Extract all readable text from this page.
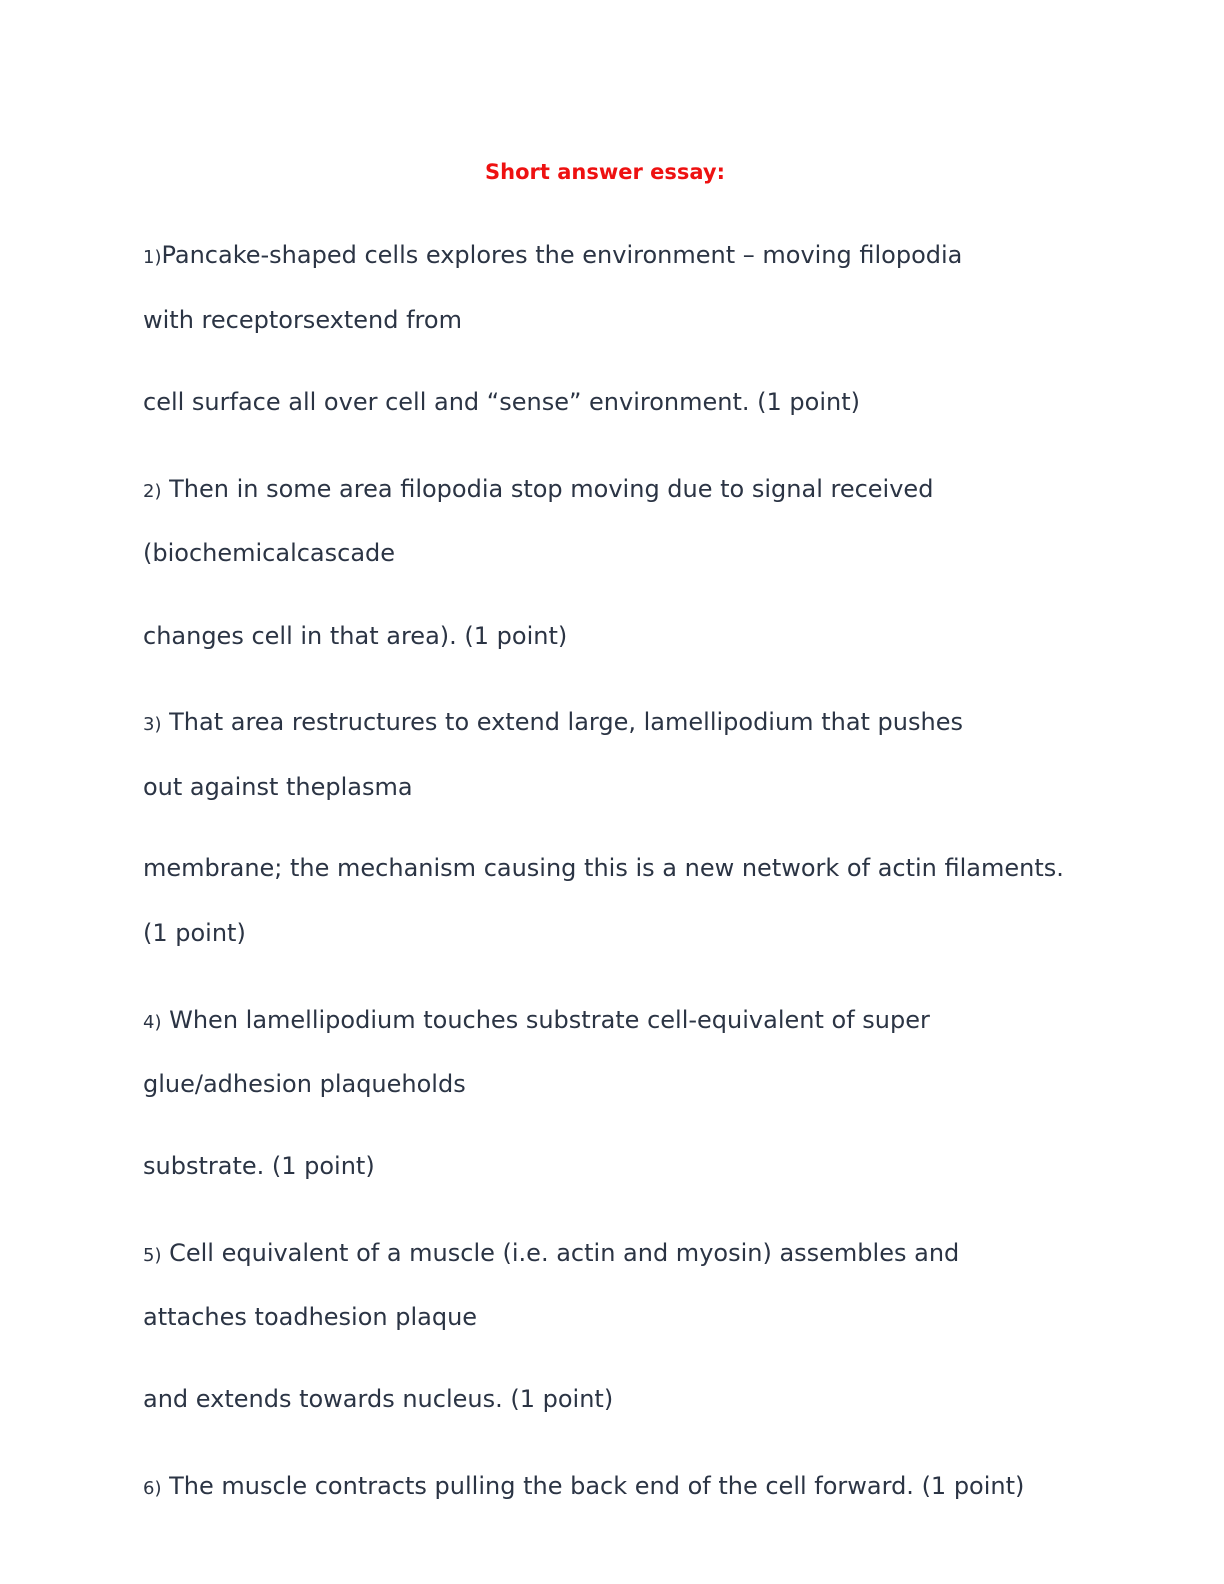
Short answer essay:
1)Pancake-shaped cells explores the environment – moving filopodia
with receptorsextend from
cell surface all over cell and “sense” environment. (1 point)
2) Then in some area filopodia stop moving due to signal received
(biochemicalcascade
changes cell in that area). (1 point)
3) That area restructures to extend large, lamellipodium that pushes
out against theplasma
membrane; the mechanism causing this is a new network of actin filaments.
(1 point)
4) When lamellipodium touches substrate cell-equivalent of super
glue/adhesion plaqueholds
substrate. (1 point)
5) Cell equivalent of a muscle (i.e. actin and myosin) assembles and
attaches toadhesion plaque
and extends towards nucleus. (1 point)
6) The muscle contracts pulling the back end of the cell forward. (1 point)
